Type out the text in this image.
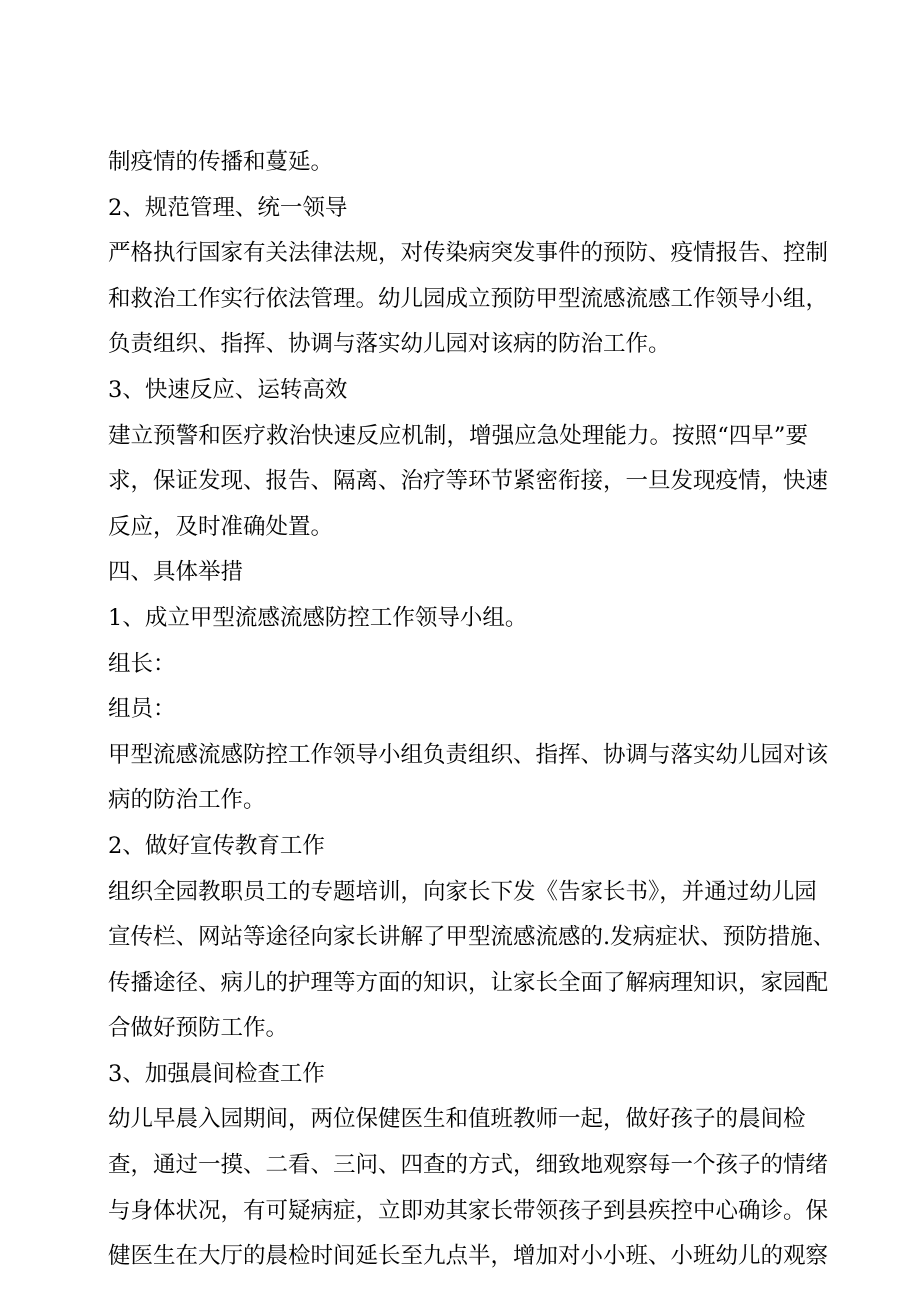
制疫情的传播和蔓延。
2、规范管理、统一领导
严格执行国家有关法律法规，对传染病突发事件的预防、疫情报告、控制
和救治工作实行依法管理。幼儿园成立预防甲型流感流感工作领导小组，
负责组织、指挥、协调与落实幼儿园对该病的防治工作。
3、快速反应、运转高效
建立预警和医疗救治快速反应机制，增强应急处理能力。按照“四早”要
求，保证发现、报告、隔离、治疗等环节紧密衔接，一旦发现疫情，快速
反应，及时准确处置。
四、具体举措
1、成立甲型流感流感防控工作领导小组。
组长：
组员：
甲型流感流感防控工作领导小组负责组织、指挥、协调与落实幼儿园对该
病的防治工作。
2、做好宣传教育工作
组织全园教职员工的专题培训，向家长下发《告家长书》，并通过幼儿园
宣传栏、网站等途径向家长讲解了甲型流感流感的.发病症状、预防措施、
传播途径、病儿的护理等方面的知识，让家长全面了解病理知识，家园配
合做好预防工作。
3、加强晨间检查工作
幼儿早晨入园期间，两位保健医生和值班教师一起，做好孩子的晨间检
查，通过一摸、二看、三问、四查的方式，细致地观察每一个孩子的情绪
与身体状况，有可疑病症，立即劝其家长带领孩子到县疾控中心确诊。保
健医生在大厅的晨检时间延长至九点半，增加对小小班、小班幼儿的观察
